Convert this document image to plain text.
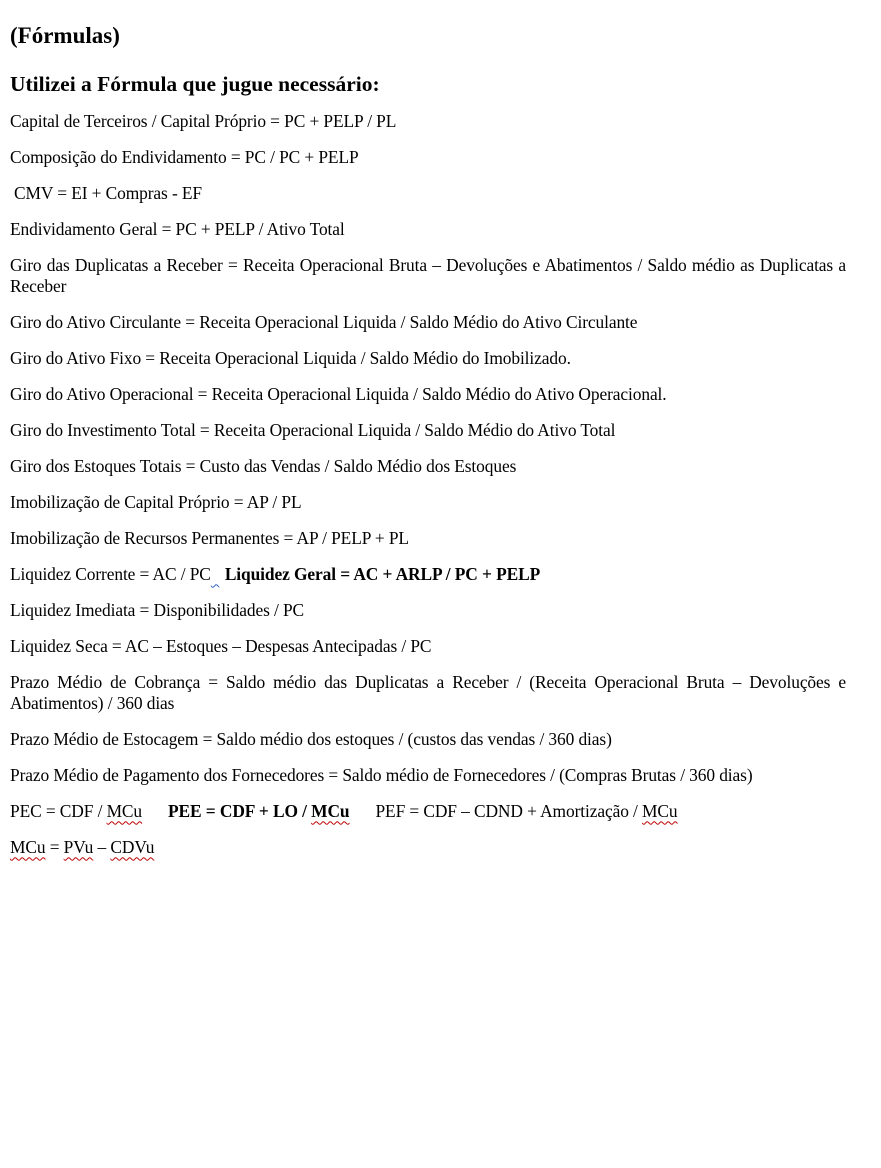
(Fórmulas)
Utilizei a Fórmula que jugue necessário:
Capital de Terceiros / Capital Próprio = PC + PELP / PL
Composição do Endividamento = PC / PC + PELP
CMV = EI + Compras - EF
Endividamento Geral = PC + PELP / Ativo Total
Giro das Duplicatas a Receber = Receita Operacional Bruta – Devoluções e Abatimentos / Saldo médio as Duplicatas a Receber
Giro do Ativo Circulante = Receita Operacional Liquida / Saldo Médio do Ativo Circulante
Giro do Ativo Fixo = Receita Operacional Liquida / Saldo Médio do Imobilizado.
Giro do Ativo Operacional = Receita Operacional Liquida / Saldo Médio do Ativo Operacional.
Giro do Investimento Total = Receita Operacional Liquida / Saldo Médio do Ativo Total
Giro dos Estoques Totais = Custo das Vendas / Saldo Médio dos Estoques
Imobilização de Capital Próprio = AP / PL
Imobilização de Recursos Permanentes = AP / PELP + PL
Liquidez Corrente = AC / PC Liquidez Geral = AC + ARLP / PC + PELP
Liquidez Imediata = Disponibilidades / PC
Liquidez Seca = AC – Estoques – Despesas Antecipadas / PC
Prazo Médio de Cobrança = Saldo médio das Duplicatas a Receber / (Receita Operacional Bruta – Devoluções e Abatimentos) / 360 dias
Prazo Médio de Estocagem = Saldo médio dos estoques / (custos das vendas / 360 dias)
Prazo Médio de Pagamento dos Fornecedores = Saldo médio de Fornecedores / (Compras Brutas / 360 dias)
PEC = CDF / MCu PEE = CDF + LO / MCu PEF = CDF – CDND + Amortização / MCu
MCu = PVu – CDVu
